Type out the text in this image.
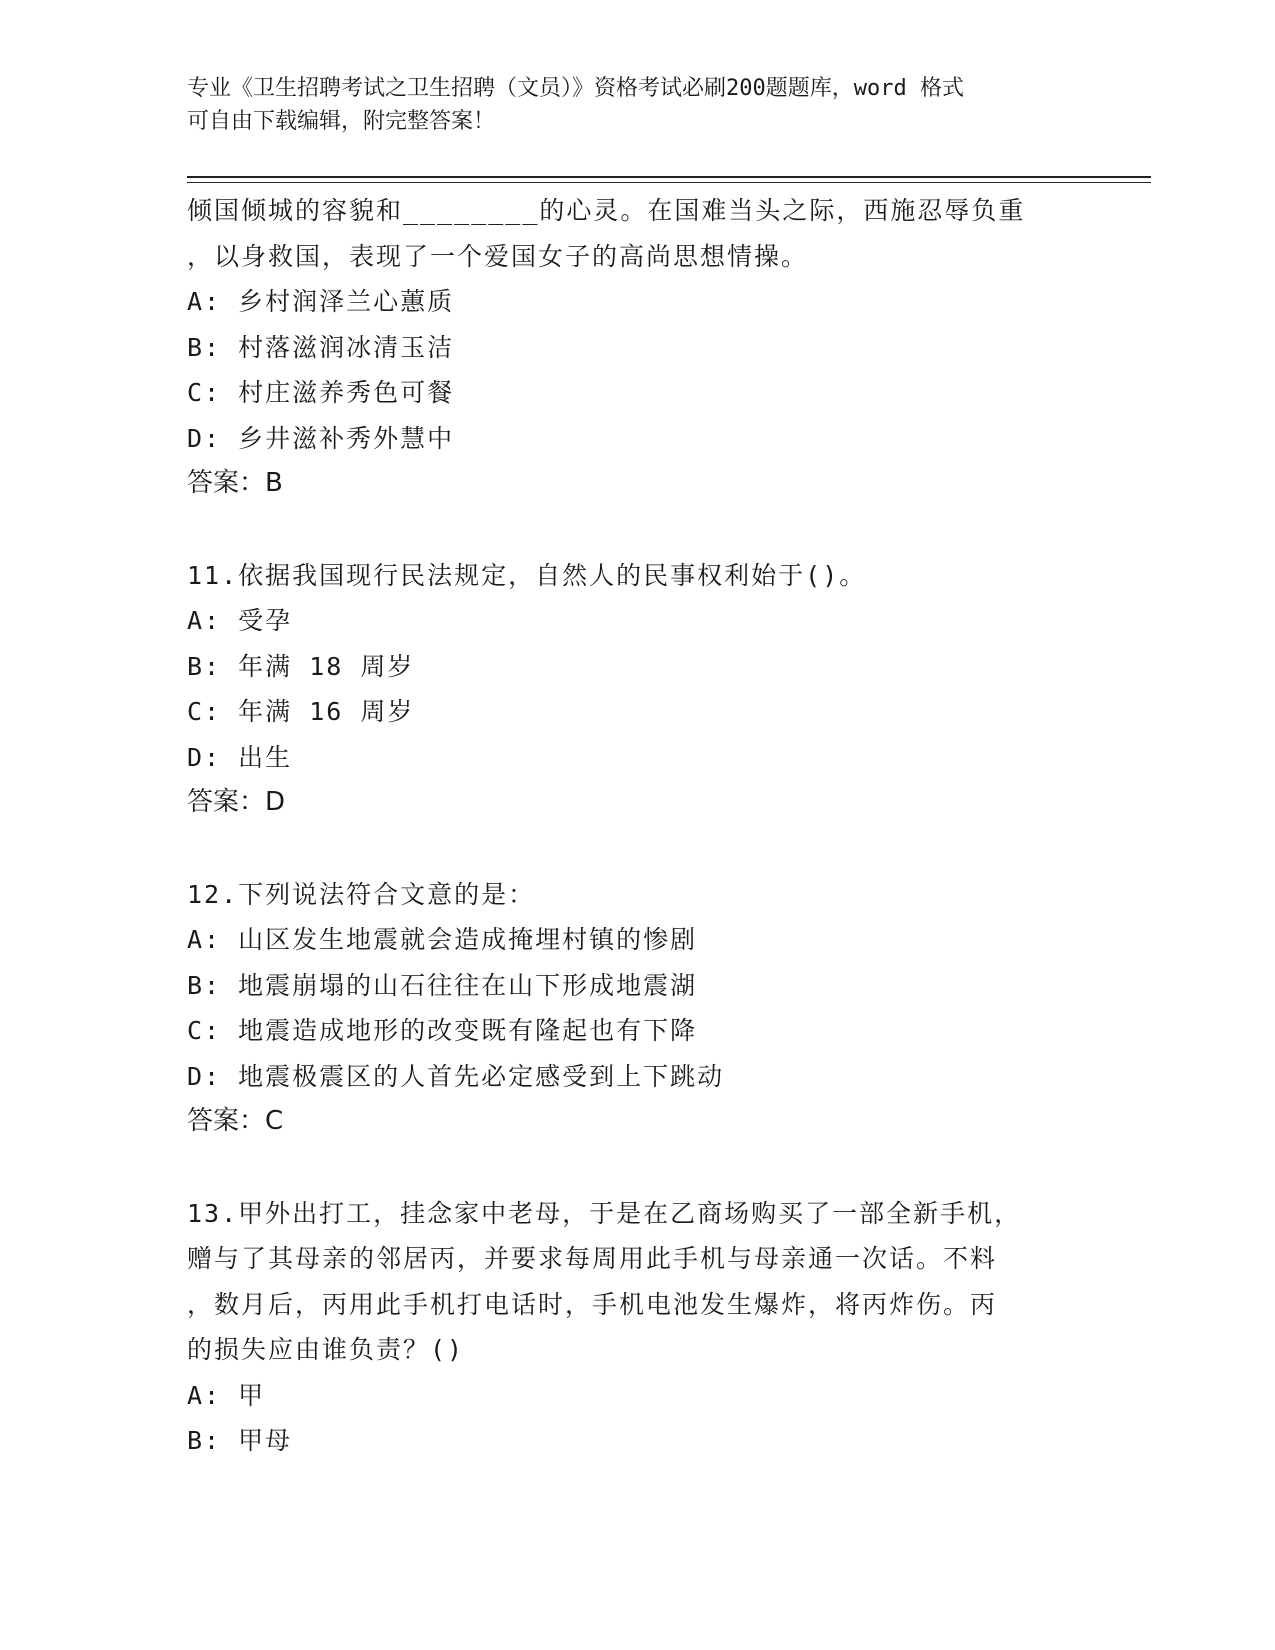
专业《卫生招聘考试之卫生招聘（文员）》资格考试必刷200题题库，word 格式
可自由下载编辑，附完整答案！
倾国倾城的容貌和________的心灵。在国难当头之际，西施忍辱负重
，以身救国，表现了一个爱国女子的高尚思想情操。
A: 乡村润泽兰心蕙质
B: 村落滋润冰清玉洁
C: 村庄滋养秀色可餐
D: 乡井滋补秀外慧中
答案：B
11.依据我国现行民法规定，自然人的民事权利始于()。
A: 受孕
B: 年满 18 周岁
C: 年满 16 周岁
D: 出生
答案：D
12.下列说法符合文意的是：
A: 山区发生地震就会造成掩埋村镇的惨剧
B: 地震崩塌的山石往往在山下形成地震湖
C: 地震造成地形的改变既有隆起也有下降
D: 地震极震区的人首先必定感受到上下跳动
答案：C
13.甲外出打工，挂念家中老母，于是在乙商场购买了一部全新手机，
赠与了其母亲的邻居丙，并要求每周用此手机与母亲通一次话。不料
，数月后，丙用此手机打电话时，手机电池发生爆炸，将丙炸伤。丙
的损失应由谁负责？()
A: 甲
B: 甲母
